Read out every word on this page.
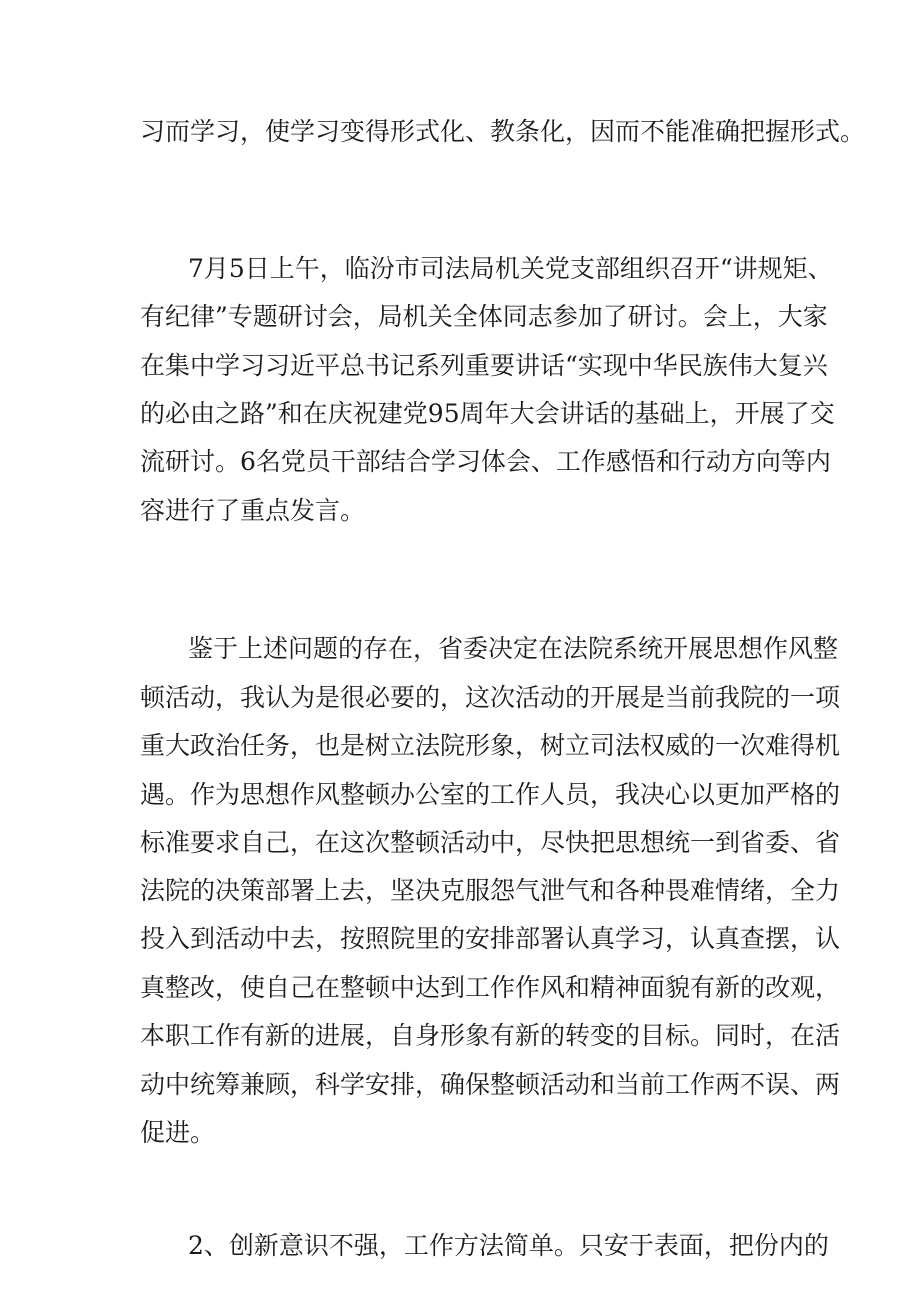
习而学习，使学习变得形式化、教条化，因而不能准确把握形式。

7月5日上午，临汾市司法局机关党支部组织召开“讲规矩、

有纪律”专题研讨会，局机关全体同志参加了研讨。会上，大家

在集中学习习近平总书记系列重要讲话“实现中华民族伟大复兴

的必由之路”和在庆祝建党95周年大会讲话的基础上，开展了交

流研讨。6名党员干部结合学习体会、工作感悟和行动方向等内

容进行了重点发言。

鉴于上述问题的存在，省委决定在法院系统开展思想作风整

顿活动，我认为是很必要的，这次活动的开展是当前我院的一项

重大政治任务，也是树立法院形象，树立司法权威的一次难得机

遇。作为思想作风整顿办公室的工作人员，我决心以更加严格的

标准要求自己，在这次整顿活动中，尽快把思想统一到省委、省

法院的决策部署上去，坚决克服怨气泄气和各种畏难情绪，全力

投入到活动中去，按照院里的安排部署认真学习，认真查摆，认

真整改，使自己在整顿中达到工作作风和精神面貌有新的改观，

本职工作有新的进展，自身形象有新的转变的目标。同时，在活

动中统筹兼顾，科学安排，确保整顿活动和当前工作两不误、两

促进。

2、创新意识不强，工作方法简单。只安于表面，把份内的
